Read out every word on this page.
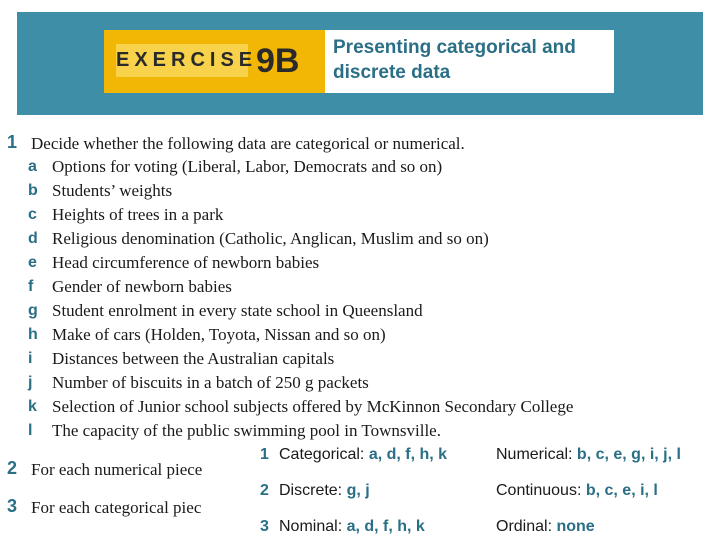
EXERCISE
9B Presenting categorical and discrete data
1 Decide whether the following data are categorical or numerical.
a Options for voting (Liberal, Labor, Democrats and so on)
b Students’ weights
c Heights of trees in a park
d Religious denomination (Catholic, Anglican, Muslim and so on)
e Head circumference of newborn babies
f	Gender of newborn babies
g Student enrolment in every state school in Queensland
h Make of cars (Holden, Toyota, Nissan and so on)
i	Distances between the Australian capitals
j	Number of biscuits in a batch of 250 g packets
k Selection of Junior school subjects offered by McKinnon Secondary College
l	The capacity of the public swimming pool in Townsville.
2 For each numerical piece
3 For each categorical piec
1 Categorical: a, d, f, h, k	Numerical: b, c, e, g, i, j, l
2 Discrete: g, j	Continuous: b, c, e, i, l
3 Nominal: a, d, f, h, k	Ordinal: none
